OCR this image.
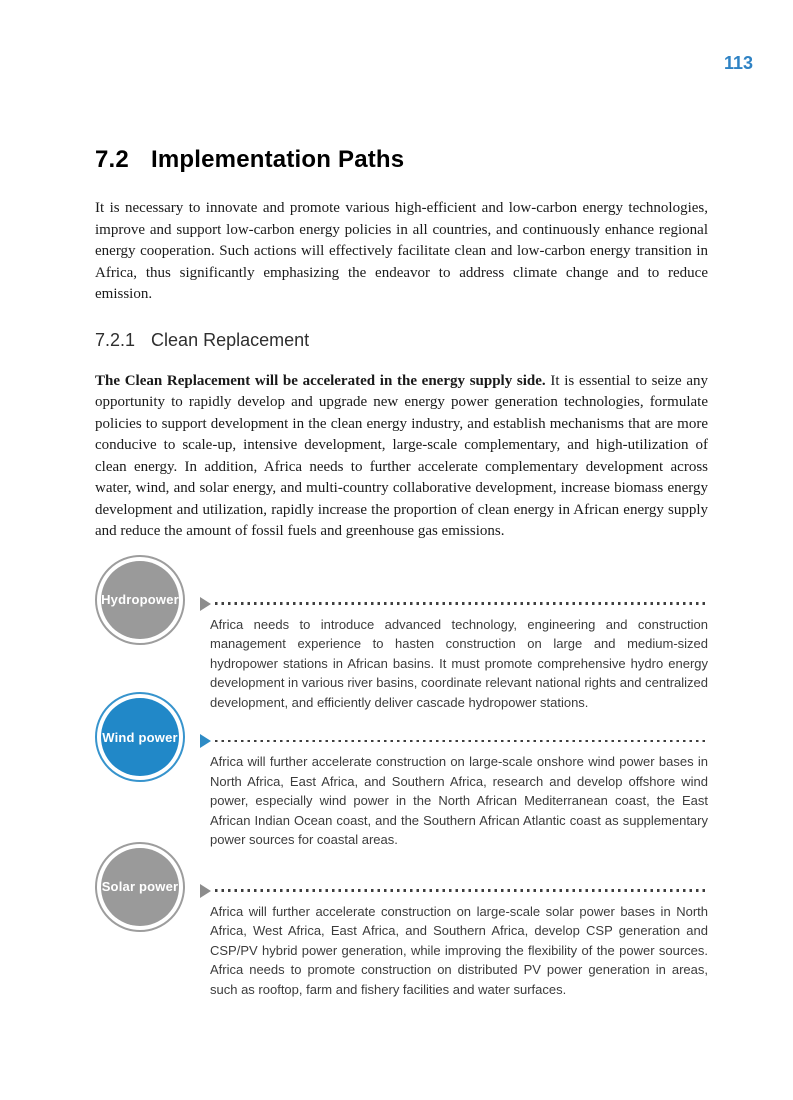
113
7.2 Implementation Paths

It is necessary to innovate and promote various high-efficient and low-carbon energy technologies, improve and support low-carbon energy policies in all countries, and continuously enhance regional energy cooperation. Such actions will effectively facilitate clean and low-carbon energy transition in Africa, thus significantly emphasizing the endeavor to address climate change and to reduce emission.

7.2.1 Clean Replacement

The Clean Replacement will be accelerated in the energy supply side. It is essential to seize any opportunity to rapidly develop and upgrade new energy power generation technologies, formulate policies to support development in the clean energy industry, and establish mechanisms that are more conducive to scale-up, intensive development, large-scale complementary, and high-utilization of clean energy. In addition, Africa needs to further accelerate complementary development across water, wind, and solar energy, and multi-country collaborative development, increase biomass energy development and utilization, rapidly increase the proportion of clean energy in African energy supply and reduce the amount of fossil fuels and greenhouse gas emissions.

Hydropower

Africa needs to introduce advanced technology, engineering and construction management experience to hasten construction on large and medium-sized hydropower stations in African basins. It must promote comprehensive hydro energy development in various river basins, coordinate relevant national rights and centralized development, and efficiently deliver cascade hydropower stations.

Wind power

Africa will further accelerate construction on large-scale onshore wind power bases in North Africa, East Africa, and Southern Africa, research and develop offshore wind power, especially wind power in the North African Mediterranean coast, the East African Indian Ocean coast, and the Southern African Atlantic coast as supplementary power sources for coastal areas.

Solar power

Africa will further accelerate construction on large-scale solar power bases in North Africa, West Africa, East Africa, and Southern Africa, develop CSP generation and CSP/PV hybrid power generation, while improving the flexibility of the power sources. Africa needs to promote construction on distributed PV power generation in areas, such as rooftop, farm and fishery facilities and water surfaces.
